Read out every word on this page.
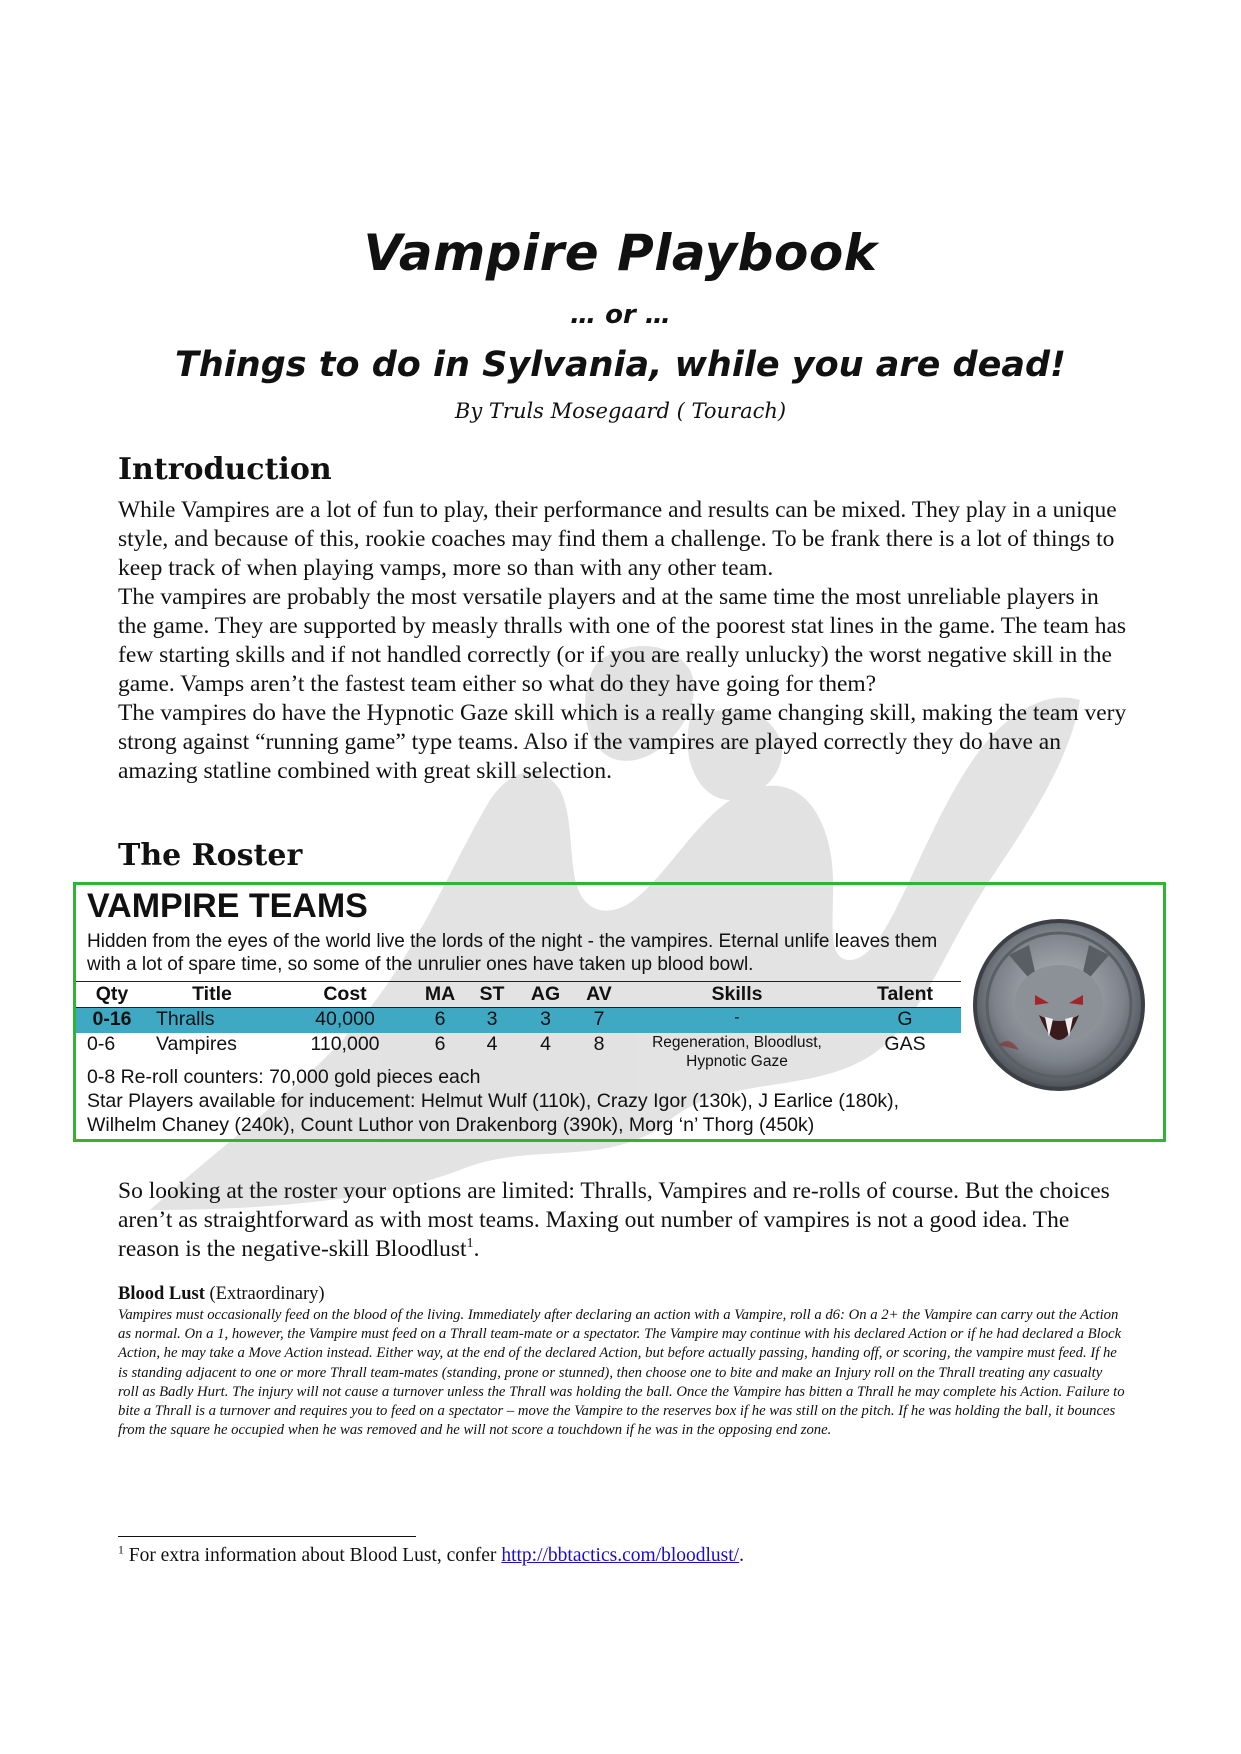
Vampire Playbook
… or …
Things to do in Sylvania, while you are dead!
By Truls Mosegaard ( Tourach)
Introduction

While Vampires are a lot of fun to play, their performance and results can be mixed. They play in a unique style, and because of this, rookie coaches may find them a challenge. To be frank there is a lot of things to keep track of when playing vamps, more so than with any other team.

The vampires are probably the most versatile players and at the same time the most unreliable players in the game. They are supported by measly thralls with one of the poorest stat lines in the game. The team has few starting skills and if not handled correctly (or if you are really unlucky) the worst negative skill in the game. Vamps aren’t the fastest team either so what do they have going for them?

The vampires do have the Hypnotic Gaze skill which is a really game changing skill, making the team very strong against “running game” type teams. Also if the vampires are played correctly they do have an amazing statline combined with great skill selection.

The Roster
VAMPIRE TEAMS
Hidden from the eyes of the world live the lords of the night - the vampires. Eternal unlife leaves them with a lot of spare time, so some of the unrulier ones have taken up blood bowl.
Qty	Title	Cost	MA	ST	AG	AV	Skills	Talent
0-16	Thralls	40,000	6	3	3	7	-	G
0-6	Vampires	110,000	6	4	4	8	Regeneration, Bloodlust, Hypnotic Gaze	GAS
0-8 Re-roll counters: 70,000 gold pieces each
Star Players available for inducement: Helmut Wulf (110k), Crazy Igor (130k), J Earlice (180k), Wilhelm Chaney (240k), Count Luthor von Drakenborg (390k), Morg ‘n’ Thorg (450k)
So looking at the roster your options are limited: Thralls, Vampires and re-rolls of course. But the choices aren’t as straightforward as with most teams. Maxing out number of vampires is not a good idea. The reason is the negative-skill Bloodlust$^1$.
Blood Lust (Extraordinary)
Vampires must occasionally feed on the blood of the living. Immediately after declaring an action with a Vampire, roll a d6: On a 2+ the Vampire can carry out the Action as normal. On a 1, however, the Vampire must feed on a Thrall team-mate or a spectator. The Vampire may continue with his declared Action or if he had declared a Block Action, he may take a Move Action instead. Either way, at the end of the declared Action, but before actually passing, handing off, or scoring, the vampire must feed. If he is standing adjacent to one or more Thrall team-mates (standing, prone or stunned), then choose one to bite and make an Injury roll on the Thrall treating any casualty roll as Badly Hurt. The injury will not cause a turnover unless the Thrall was holding the ball. Once the Vampire has bitten a Thrall he may complete his Action. Failure to bite a Thrall is a turnover and requires you to feed on a spectator – move the Vampire to the reserves box if he was still on the pitch. If he was holding the ball, it bounces from the square he occupied when he was removed and he will not score a touchdown if he was in the opposing end zone.
$^1$ For extra information about Blood Lust, confer http://bbtactics.com/bloodlust/.
